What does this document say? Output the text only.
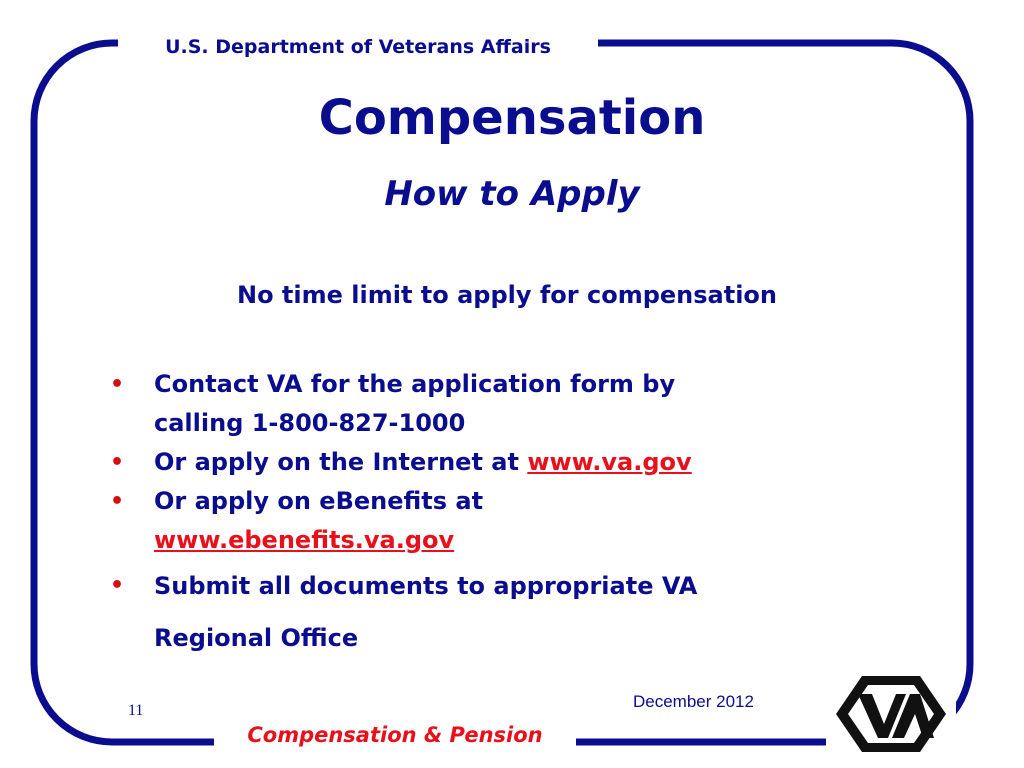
U.S. Department of Veterans Affairs
Compensation
How to Apply
No time limit to apply for compensation
• Contact VA for the application form by
calling 1-800-827-1000
• Or apply on the Internet at www.va.gov
• Or apply on eBenefits at
www.ebenefits.va.gov
• Submit all documents to appropriate VA
Regional Office
11	December 2012
Compensation & Pension
